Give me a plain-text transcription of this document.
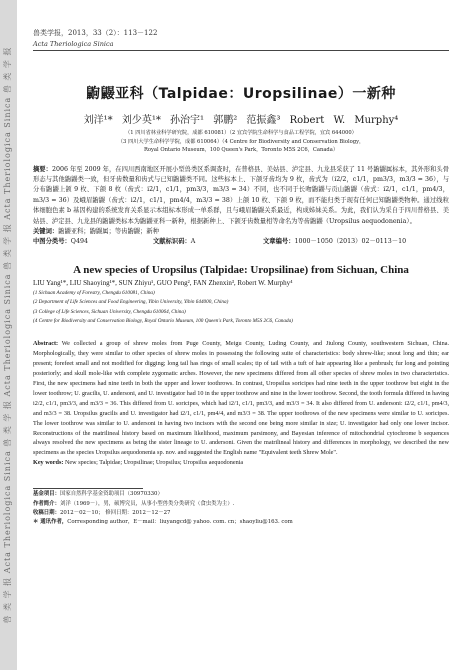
兽 类 学 报 Acta Theriologica Sinica 兽 类 学 报 Acta Theriologica Sinica 兽 类 学 报 Acta Theriologica Sinica 兽 类 学 报
兽类学报，2013，33（2）：113－122
Acta Theriologica Sinica
鼩鼹亚科（Talpidae：Uropsilinae）一新种
刘洋¹* 刘少英¹* 孙治宇¹ 郭鹏² 范振鑫³ Robert W. Murphy⁴
（1 四川省林业科学研究院，成都 610081）（2 宜宾学院生命科学与食品工程学院，宜宾 644000）
（3 四川大学生命科学学院，成都 610064）（4 Centre for Biodiversity and Conservation Biology，
Royal Ontario Museum，100 Queen's Park，Toronto M5S 2C6，Canada）
摘要：2006 年至 2009 年，在四川西南地区开展小型兽类区系调查时，在普格县、美姑县、泸定县、九龙县采获了 11 号鼩鼹属标本，其外形和头骨形态与其他鼩鼹类一致，但牙齿数量和齿式与已知鼩鼹类不同。这些标本上、下颌牙齿均为 9 枚，齿式为（i2/2，c1/1，pm3/3，m3/3 = 36），与分布鼩鼹上颌 9 枚、下颌 8 枚（齿式：i2/1，c1/1，pm3/3，m3/3 = 34）不同，也不同于长吻鼩鼹与贡山鼩鼹（齿式：i2/1，c1/1，pm4/3，m3/3 = 36）及峨眉鼩鼹（齿式：i2/1，c1/1，pm4/4，m3/3 = 38）上颌 10 枚、下颌 9 枚，而不能归类于现有任何已知鼩鼹类物种。通过线粒体细胞色素 b 基因构建的系统发育关系显示本组标本形成一单系群，且与峨眉鼩鼹关系最近，构成姊妹关系。为此，我们认为采自于四川普格县、美姑县、泸定县、九龙县的鼩鼹类标本为鼩鼹亚科一新种，根据新种上、下颌牙齿数量相等命名为等齿鼩鼹（Uropsilus aequodonenia）。
关键词： 鼩鼹亚科；鼩鼹属；等齿鼩鼹；新种
中图分类号：Q494	文献标识码：A	文章编号：1000－1050（2013）02－0113－10
A new species of Uropsilus (Talpidae: Uropsilinae) from Sichuan, China
LIU Yang¹*, LIU Shaoying¹*, SUN Zhiyu¹, GUO Peng², FAN Zhenxin³, Robert W. Murphy⁴
(1 Sichuan Academy of Forestry, Chengdu 610081, China)
(2 Department of Life Sciences and Food Engineering, Yibin University, Yibin 644000, China)
(3 College of Life Sciences, Sichuan University, Chengdu 610064, China)
(4 Centre for Biodiversity and Conservation Biology, Royal Ontario Museum, 100 Queen's Park, Toronto M5S 2C6, Canada)
Abstract: We collected a group of shrew moles from Puge County, Meigu County, Luding County, and Jiulong County, southwestern Sichuan, China. Morphologically, they were similar to other species of shrew moles in possessing the following suite of characteristics: body shrew-like; snout long and thin; ear present; forefeet small and not modified for digging; long tail has rings of small scales; tip of tail with a tuft of hair appearing like a penbrush; fur long and pointing posteriorly; and skull mole-like with complete zygomatic arches. However, the new specimens differed from all other species of shrew moles in two characteristics. First, the new specimens had nine teeth in both the upper and lower toothrows. In contrast, Uropsilus soricipes had nine teeth in the upper toothrow but eight in the lower toothrow; U. gracilis, U. andersoni, and U. investigator had 10 in the upper toothrow and nine in the lower toothrow. Second, the tooth formula differed in having i2/2, c1/1, pm3/3, and m3/3 = 36. This differed from U. soricipes, which had i2/1, c1/1, pm3/3, and m3/3 = 34. It also differed from U. andersoni: i2/2, c1/1, pm4/3, and m3/3 = 38. Uropsilus gracilis and U. investigator had i2/1, c1/1, pm4/4, and m3/3 = 38. The upper toothrows of the new specimens were similar to U. soricipes. The lower toothrow was similar to U. andersoni in having two incisors with the second one being more similar in size; U. investigator had only one lower incisor. Reconstructions of the matrilineal history based on maximum likelihood, maximum parsimony, and Bayesian inference of mitochondrial cytochrome b sequences always resolved the new specimens as being the sister lineage to U. andersoni. Given the matrilineal history and differences in morphology, we described the new specimens as the species Uropsilus aequodonenia sp. nov. and suggested the English name "Equivalent teeth Shrew Mole".
Key words: New species; Talpidae; Uropsilinae; Uropsilus; Uropsilus aequodonenia
基金项目：国家自然科学基金资助项目（30970330）
作者简介：刘洋（1969－），男，硕博究员，从事小型兽类分类研究（食虫类为主）.
收稿日期：2012－02－10； 修回日期：2012－12－27
＊ 通讯作者，Corresponding author，E－mail：liuyangcd@ yahoo. com. cn；shaoyliu@163. com
